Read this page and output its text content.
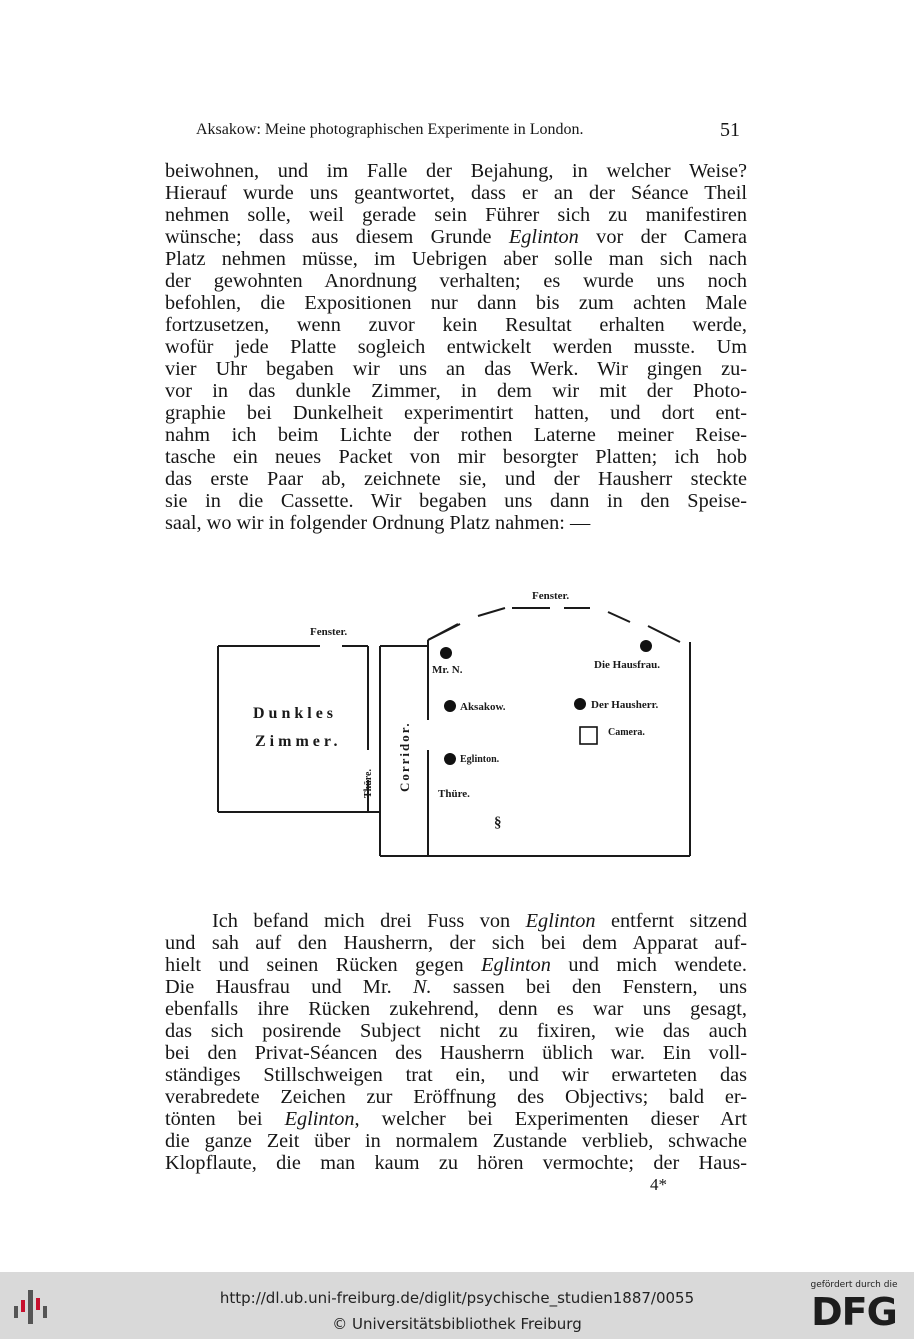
Aksakow: Meine photographischen Experimente in London.	51
beiwohnen, und im Falle der Bejahung, in welcher Weise?
Hierauf wurde uns geantwortet, dass er an der Séance Theil
nehmen solle, weil gerade sein Führer sich zu manifestiren
wünsche; dass aus diesem Grunde Eglinton vor der Camera
Platz nehmen müsse, im Uebrigen aber solle man sich nach
der gewohnten Anordnung verhalten; es wurde uns noch
befohlen, die Expositionen nur dann bis zum achten Male
fortzusetzen, wenn zuvor kein Resultat erhalten werde,
wofür jede Platte sogleich entwickelt werden musste. Um
vier Uhr begaben wir uns an das Werk. Wir gingen zu-
vor in das dunkle Zimmer, in dem wir mit der Photo-
graphie bei Dunkelheit experimentirt hatten, und dort ent-
nahm ich beim Lichte der rothen Laterne meiner Reise-
tasche ein neues Packet von mir besorgter Platten; ich hob
das erste Paar ab, zeichnete sie, und der Hausherr steckte
sie in die Cassette. Wir begaben uns dann in den Speise-
saal, wo wir in folgender Ordnung Platz nahmen: —
Fenster.
Fenster.
Dunkles
Zimmer.
Thüre. Corridor.
Mr. N.	Die Hausfrau.
Aksakow.	Der Hausherr.
Camera.
Eglinton.
Thüre.
§
Ich befand mich drei Fuss von Eglinton entfernt sitzend
und sah auf den Hausherrn, der sich bei dem Apparat auf-
hielt und seinen Rücken gegen Eglinton und mich wendete.
Die Hausfrau und Mr. N. sassen bei den Fenstern, uns
ebenfalls ihre Rücken zukehrend, denn es war uns gesagt,
das sich posirende Subject nicht zu fixiren, wie das auch
bei den Privat-Séancen des Hausherrn üblich war. Ein voll-
ständiges Stillschweigen trat ein, und wir erwarteten das
verabredete Zeichen zur Eröffnung des Objectivs; bald er-
tönten bei Eglinton, welcher bei Experimenten dieser Art
die ganze Zeit über in normalem Zustande verblieb, schwache
Klopflaute, die man kaum zu hören vermochte; der Haus-
4*
http://dl.ub.uni-freiburg.de/diglit/psychische_studien1887/0055
© Universitätsbibliothek Freiburg
gefördert durch die
DFG
